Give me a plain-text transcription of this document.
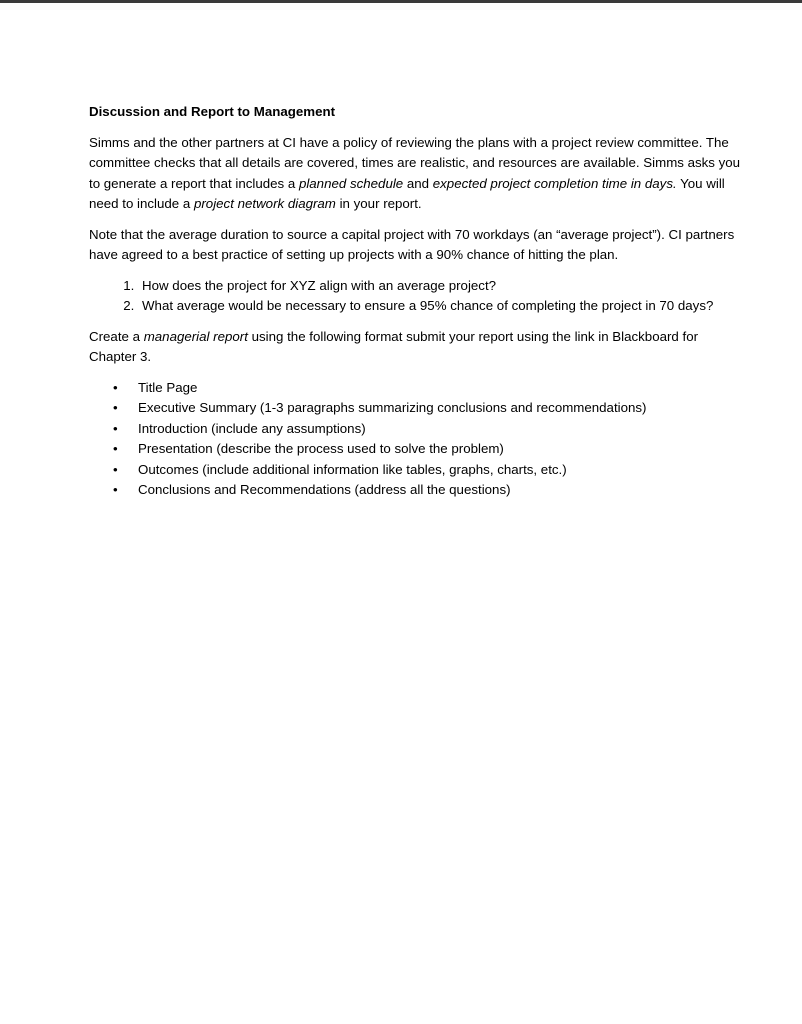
Discussion and Report to Management

Simms and the other partners at CI have a policy of reviewing the plans with a project review committee. The committee checks that all details are covered, times are realistic, and resources are available. Simms asks you to generate a report that includes a planned schedule and expected project completion time in days. You will need to include a project network diagram in your report.

Note that the average duration to source a capital project with 70 workdays (an “average project”). CI partners have agreed to a best practice of setting up projects with a 90% chance of hitting the plan.

1. How does the project for XYZ align with an average project?
2. What average would be necessary to ensure a 95% chance of completing the project in 70 days?

Create a managerial report using the following format submit your report using the link in Blackboard for Chapter 3.

• Title Page
• Executive Summary (1-3 paragraphs summarizing conclusions and recommendations)
• Introduction (include any assumptions)
• Presentation (describe the process used to solve the problem)
• Outcomes (include additional information like tables, graphs, charts, etc.)
• Conclusions and Recommendations (address all the questions)
